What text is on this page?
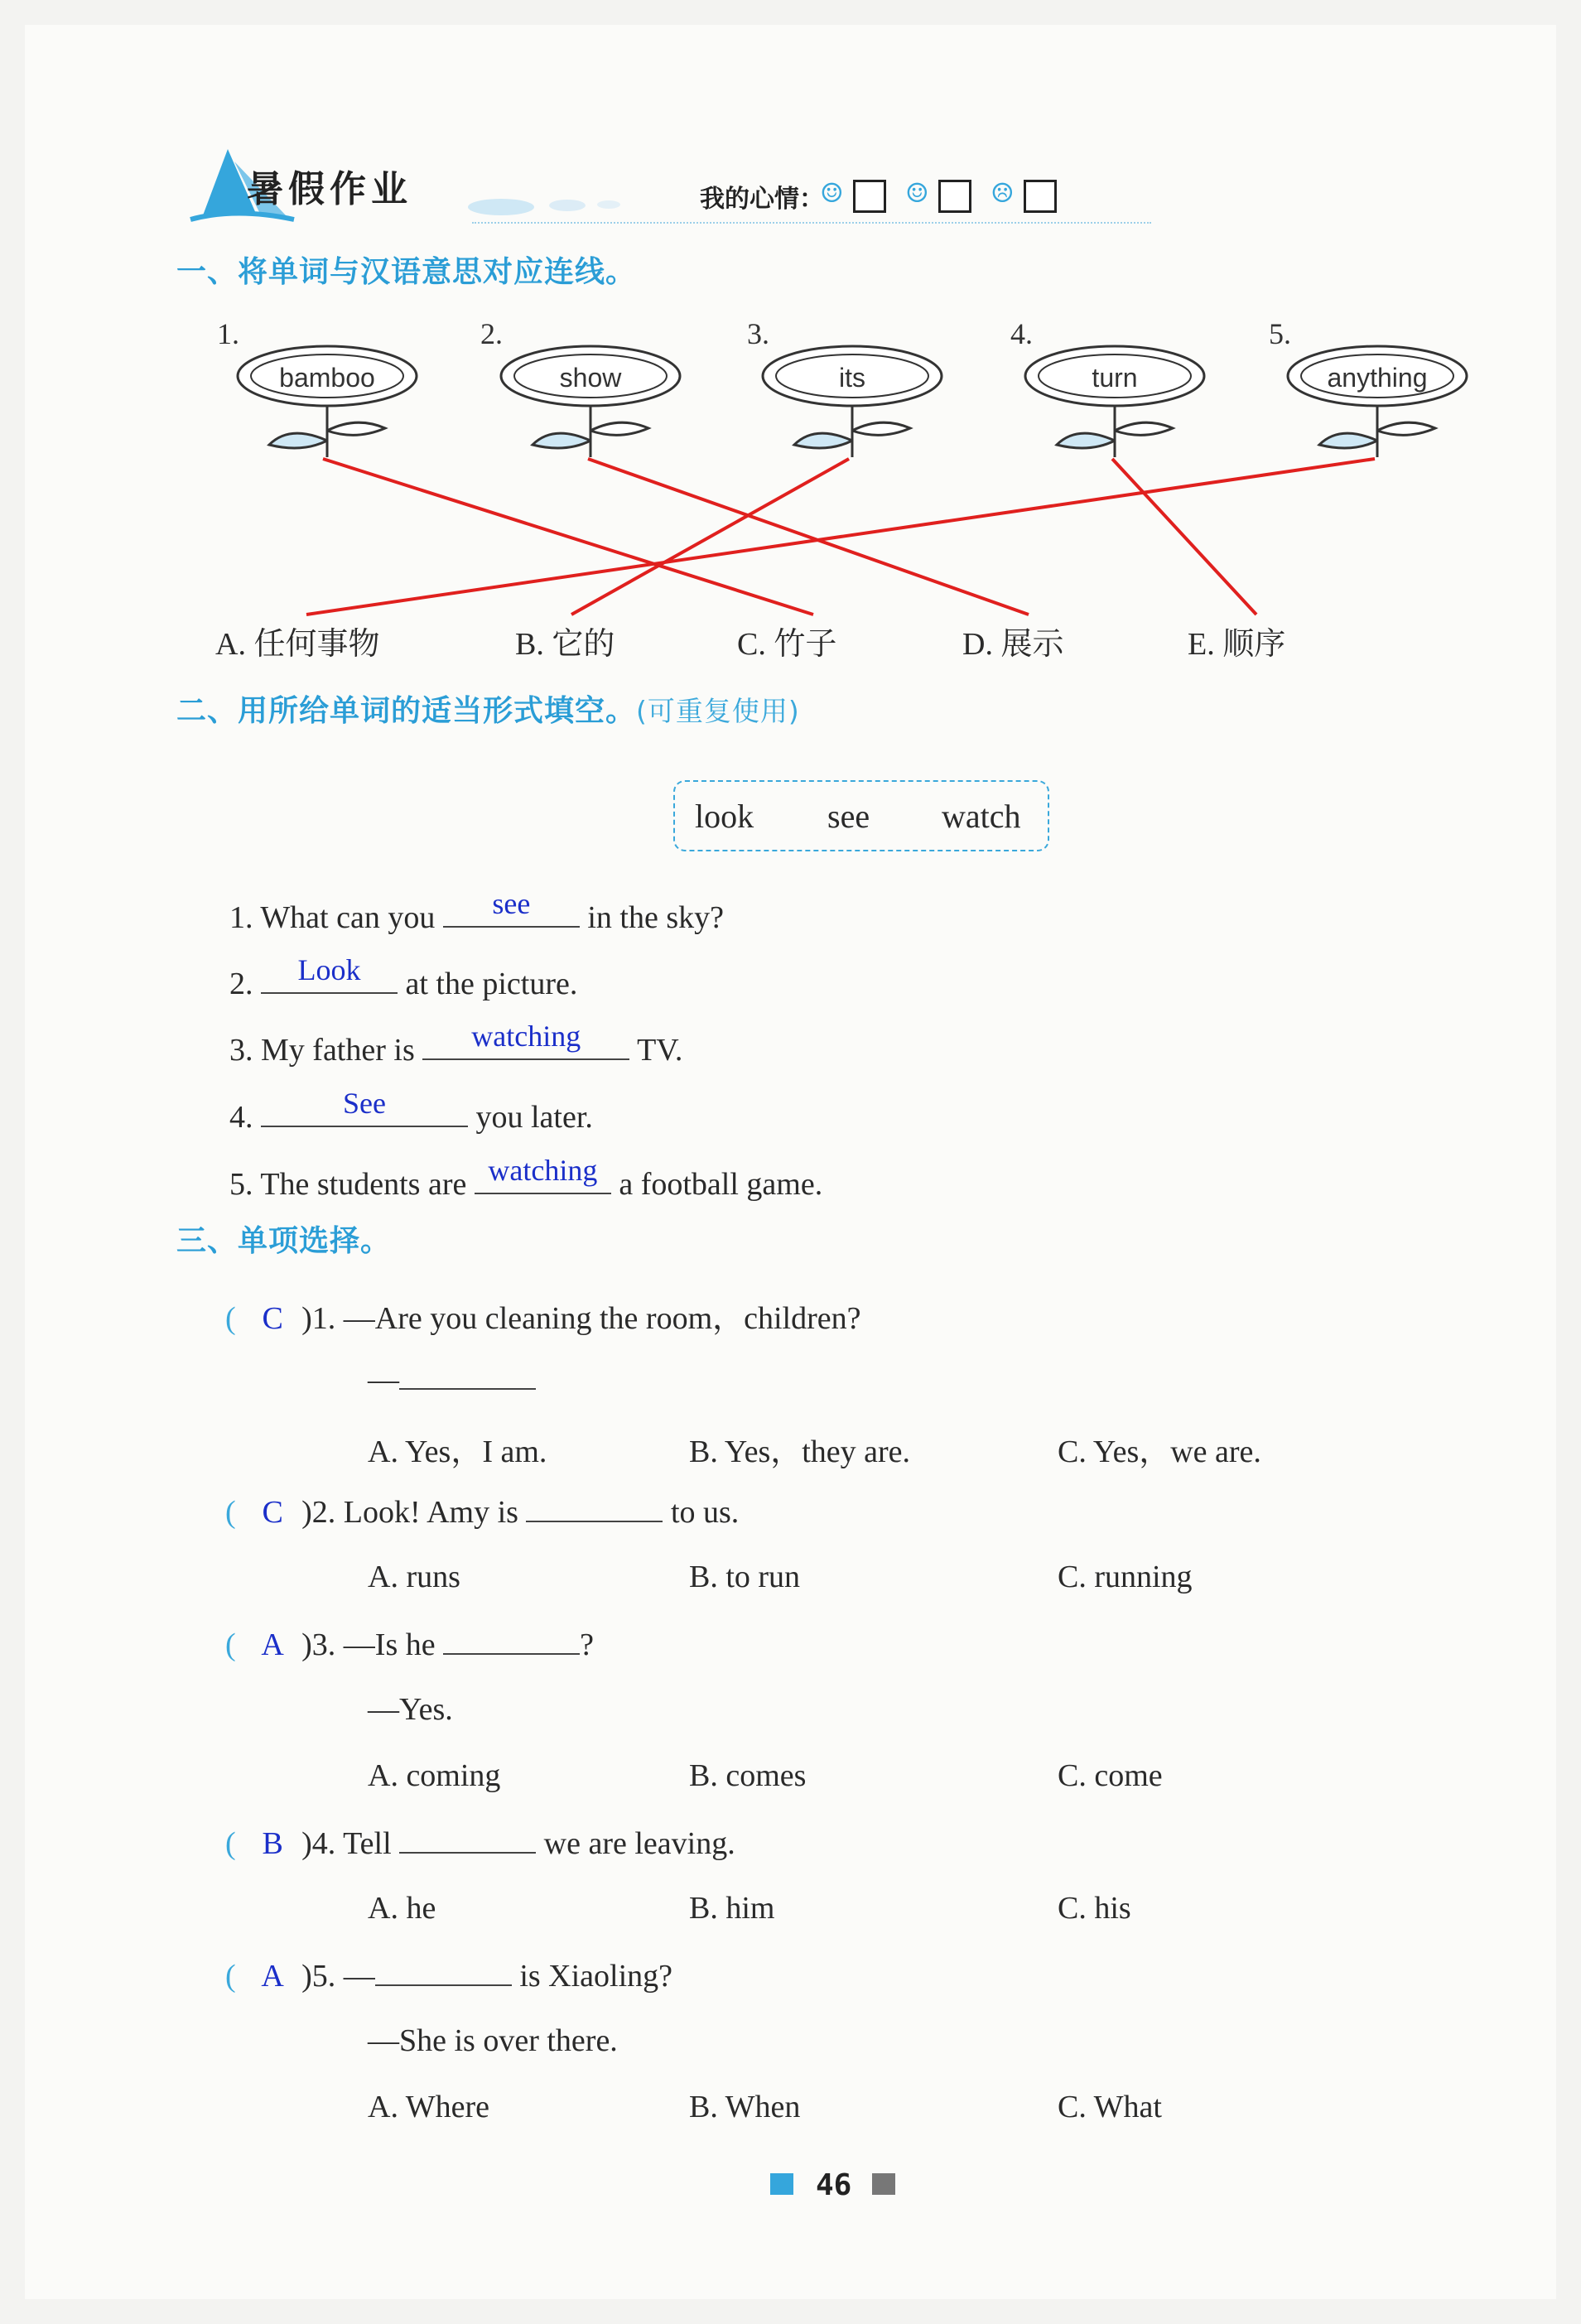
暑假作业	我的心情：
☺ ☺ ☹
一、将单词与汉语意思对应连线。
1.
bamboo
2.
show
3.
its
4.
turn
5.
anything
A. 任何事物	B. 它的	C. 竹子	D. 展示	E. 顺序
二、用所给单词的适当形式填空。(可重复使用)
look see watch
1. What can you	see	in the sky?
2.	Look	at the picture.
3. My father is	watching	TV.
4.	See	you later.
5. The students are watching a football game.
三、单项选择。
( C )1. —Are you cleaning the room，children?
—
A. Yes，I am.	B. Yes，they are.	C. Yes，we are.
( C )2. Look! Amy is	to us.
A. runs	B. to run	C. running
( A )3. —Is he	?
—Yes.
A. coming	B. comes	C. come
( B )4. Tell	we are leaving.
A. he	B. him	C. his
( A )5. —	is Xiaoling?
—She is over there.
A. Where	B. When	C. What
46
